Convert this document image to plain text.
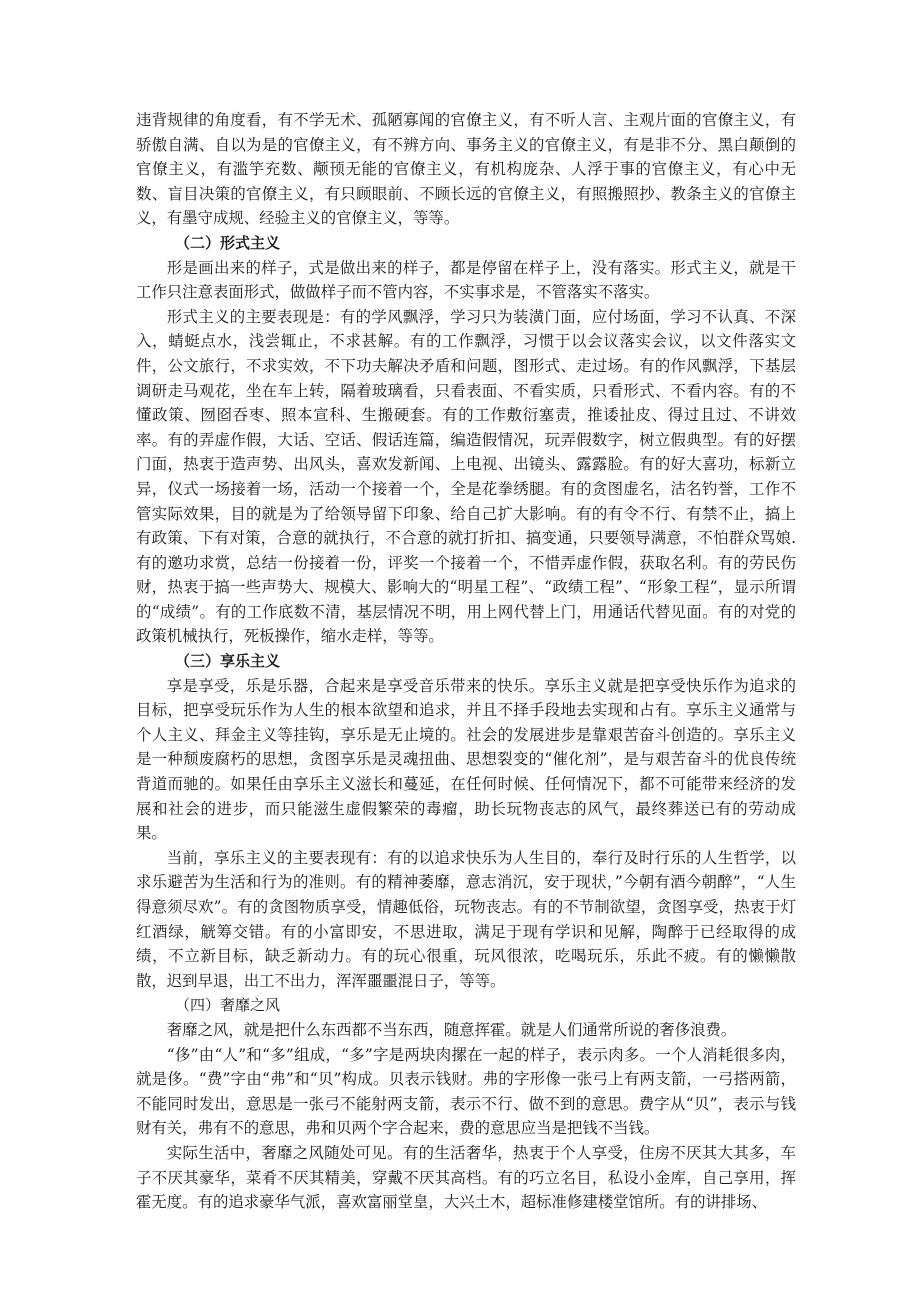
违背规律的角度看，有不学无术、孤陋寡闻的官僚主义，有不听人言、主观片面的官僚主义，有骄傲自满、自以为是的官僚主义，有不辨方向、事务主义的官僚主义，有是非不分、黑白颠倒的官僚主义，有滥竽充数、颟顸无能的官僚主义，有机构庞杂、人浮于事的官僚主义，有心中无数、盲目决策的官僚主义，有只顾眼前、不顾长远的官僚主义，有照搬照抄、教条主义的官僚主义，有墨守成规、经验主义的官僚主义，等等。

（二）形式主义

形是画出来的样子，式是做出来的样子，都是停留在样子上，没有落实。形式主义，就是干工作只注意表面形式，做做样子而不管内容，不实事求是，不管落实不落实。

形式主义的主要表现是：有的学风飘浮，学习只为装潢门面，应付场面，学习不认真、不深入，蜻蜓点水，浅尝辄止，不求甚解。有的工作飘浮，习惯于以会议落实会议，以文件落实文件，公文旅行，不求实效，不下功夫解决矛盾和问题，图形式、走过场。有的作风飘浮，下基层调研走马观花，坐在车上转，隔着玻璃看，只看表面、不看实质，只看形式、不看内容。有的不懂政策、囫囵吞枣、照本宣科、生搬硬套。有的工作敷衍塞责，推诿扯皮、得过且过、不讲效率。有的弄虚作假，大话、空话、假话连篇，编造假情况，玩弄假数字，树立假典型。有的好摆门面，热衷于造声势、出风头，喜欢发新闻、上电视、出镜头、露露脸。有的好大喜功，标新立异，仪式一场接着一场，活动一个接着一个，全是花拳绣腿。有的贪图虚名，沽名钓誉，工作不管实际效果，目的就是为了给领导留下印象、给自己扩大影响。有的有令不行、有禁不止，搞上有政策、下有对策，合意的就执行，不合意的就打折扣、搞变通，只要领导满意，不怕群众骂娘.有的邀功求赏，总结一份接着一份，评奖一个接着一个，不惜弄虚作假，获取名利。有的劳民伤财，热衷于搞一些声势大、规模大、影响大的“明星工程”、“政绩工程”、“形象工程”，显示所谓的“成绩”。有的工作底数不清，基层情况不明，用上网代替上门，用通话代替见面。有的对党的政策机械执行，死板操作，缩水走样，等等。

（三）享乐主义

享是享受，乐是乐器，合起来是享受音乐带来的快乐。享乐主义就是把享受快乐作为追求的目标，把享受玩乐作为人生的根本欲望和追求，并且不择手段地去实现和占有。享乐主义通常与个人主义、拜金主义等挂钩，享乐是无止境的。社会的发展进步是靠艰苦奋斗创造的。享乐主义是一种颓废腐朽的思想，贪图享乐是灵魂扭曲、思想裂变的“催化剂”，是与艰苦奋斗的优良传统背道而驰的。如果任由享乐主义滋长和蔓延，在任何时候、任何情况下，都不可能带来经济的发展和社会的进步，而只能滋生虚假繁荣的毒瘤，助长玩物丧志的风气，最终葬送已有的劳动成果。

当前，享乐主义的主要表现有：有的以追求快乐为人生目的，奉行及时行乐的人生哲学，以求乐避苦为生活和行为的准则。有的精神萎靡，意志消沉，安于现状，”今朝有酒今朝醉”，“人生得意须尽欢”。有的贪图物质享受，情趣低俗，玩物丧志。有的不节制欲望，贪图享受，热衷于灯红酒绿，觥筹交错。有的小富即安，不思进取，满足于现有学识和见解，陶醉于已经取得的成绩，不立新目标，缺乏新动力。有的玩心很重，玩风很浓，吃喝玩乐，乐此不疲。有的懒懒散散，迟到早退，出工不出力，浑浑噩噩混日子，等等。

（四）奢靡之风

奢靡之风，就是把什么东西都不当东西，随意挥霍。就是人们通常所说的奢侈浪费。

“侈”由“人”和“多”组成，“多”字是两块肉摞在一起的样子，表示肉多。一个人消耗很多肉，就是侈。“费”字由“弗”和“贝”构成。贝表示钱财。弗的字形像一张弓上有两支箭，一弓搭两箭，不能同时发出，意思是一张弓不能射两支箭，表示不行、做不到的意思。费字从“贝”，表示与钱财有关，弗有不的意思，弗和贝两个字合起来，费的意思应当是把钱不当钱。

实际生活中，奢靡之风随处可见。有的生活奢华，热衷于个人享受，住房不厌其大其多，车子不厌其豪华，菜肴不厌其精美，穿戴不厌其高档。有的巧立名目，私设小金库，自己享用，挥霍无度。有的追求豪华气派，喜欢富丽堂皇，大兴土木，超标准修建楼堂馆所。有的讲排场、
